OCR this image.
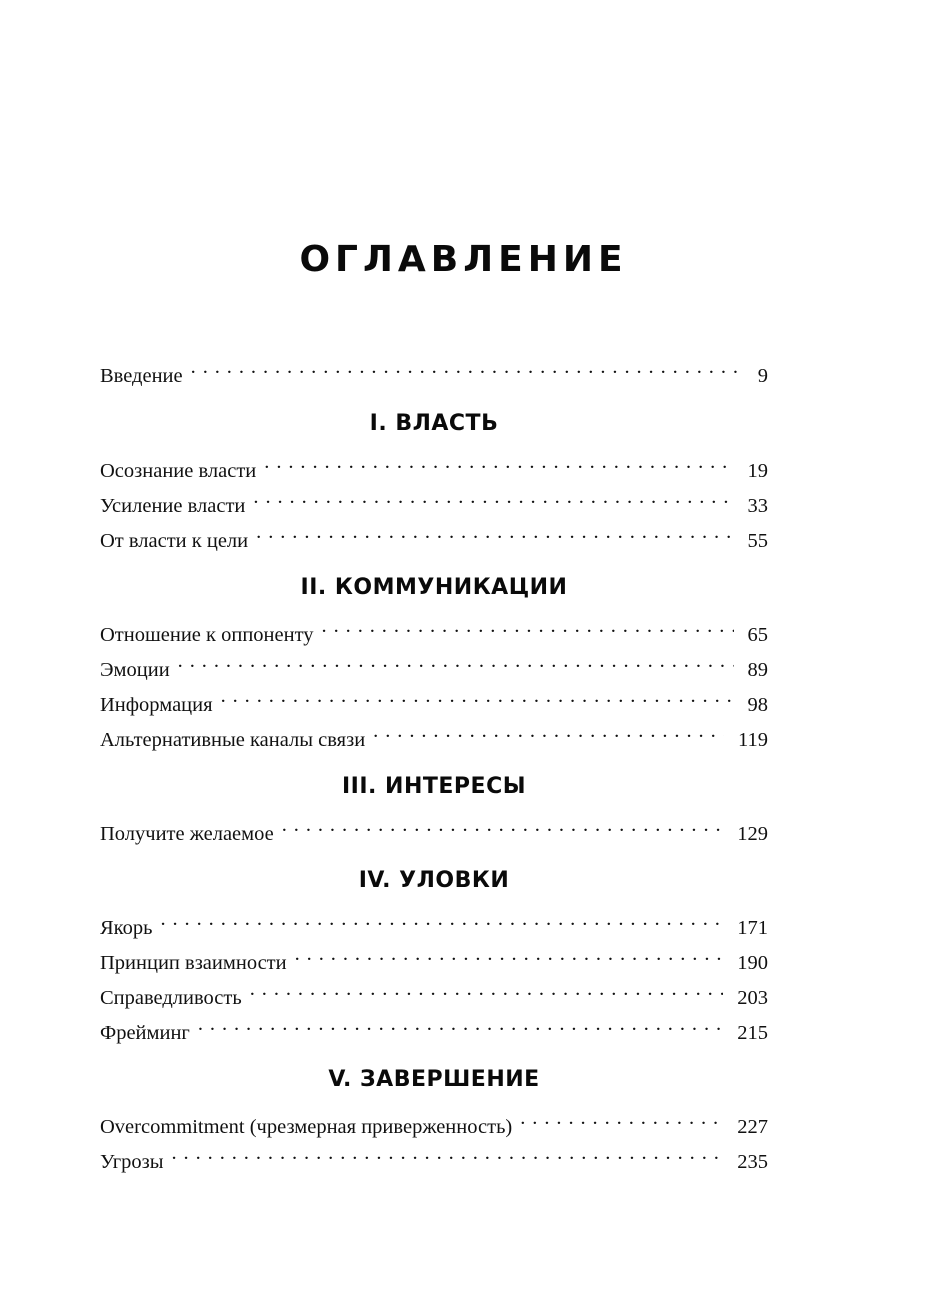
ОГЛАВЛЕНИЕ
Введение . . .	9
I. ВЛАСТЬ
Осознание власти . . .	19
Усиление власти . . .	33
От власти к цели . . .	55
II. КОММУНИКАЦИИ
Отношение к оппоненту . . .	65
Эмоции . . .	89
Информация . . .	98
Альтернативные каналы связи . . .	119
III. ИНТЕРЕСЫ
Получите желаемое . . .	129
IV. УЛОВКИ
Якорь . . .	171
Принцип взаимности . . .	190
Справедливость . . .	203
Фрейминг . . .	215
V. ЗАВЕРШЕНИЕ
Overcommitment (чрезмерная приверженность) . . .	227
Угрозы . . .	235
